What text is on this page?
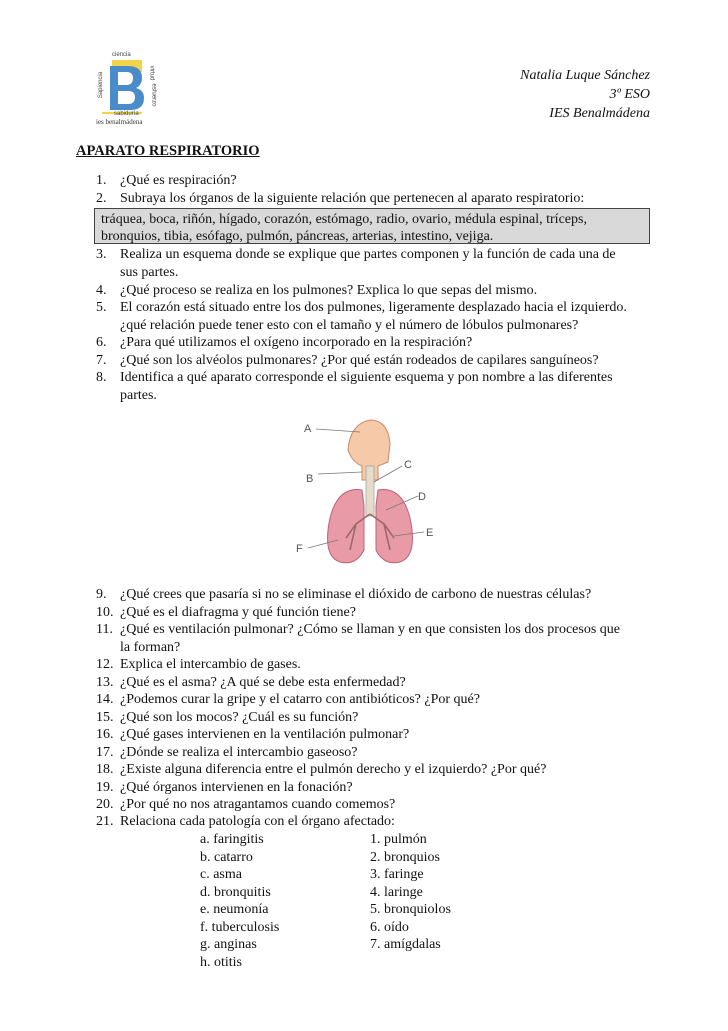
ciencia
Sapiencia	virtud
esfuerzo
sabiduría
ies benalmádena
Natalia Luque Sánchez
3º ESO
IES Benalmádena
APARATO RESPIRATORIO
1. ¿Qué es respiración?
2. Subraya los órganos de la siguiente relación que pertenecen al aparato respiratorio:
tráquea, boca, riñón, hígado, corazón, estómago, radio, ovario, médula espinal, tríceps,
bronquios, tibia, esófago, pulmón, páncreas, arterias, intestino, vejiga.
3. Realiza un esquema donde se explique que partes componen y la función de cada una de
sus partes.
4. ¿Qué proceso se realiza en los pulmones? Explica lo que sepas del mismo.
5. El corazón está situado entre los dos pulmones, ligeramente desplazado hacia el izquierdo.
¿qué relación puede tener esto con el tamaño y el número de lóbulos pulmonares?
6. ¿Para qué utilizamos el oxígeno incorporado en la respiración?
7. ¿Qué son los alvéolos pulmonares? ¿Por qué están rodeados de capilares sanguíneos?
8. Identifica a qué aparato corresponde el siguiente esquema y pon nombre a las diferentes
partes.
A
B
C
D
E
F
9. ¿Qué crees que pasaría si no se eliminase el dióxido de carbono de nuestras células?
10. ¿Qué es el diafragma y qué función tiene?
11. ¿Qué es ventilación pulmonar? ¿Cómo se llaman y en que consisten los dos procesos que
la forman?
12. Explica el intercambio de gases.
13. ¿Qué es el asma? ¿A qué se debe esta enfermedad?
14. ¿Podemos curar la gripe y el catarro con antibióticos? ¿Por qué?
15. ¿Qué son los mocos? ¿Cuál es su función?
16. ¿Qué gases intervienen en la ventilación pulmonar?
17. ¿Dónde se realiza el intercambio gaseoso?
18. ¿Existe alguna diferencia entre el pulmón derecho y el izquierdo? ¿Por qué?
19. ¿Qué órganos intervienen en la fonación?
20. ¿Por qué no nos atragantamos cuando comemos?
21. Relaciona cada patología con el órgano afectado:
a. faringitis
b. catarro
c. asma
d. bronquitis
e. neumonía
f. tuberculosis
g. anginas
h. otitis
1. pulmón
2. bronquios
3. faringe
4. laringe
5. bronquiolos
6. oído
7. amígdalas
